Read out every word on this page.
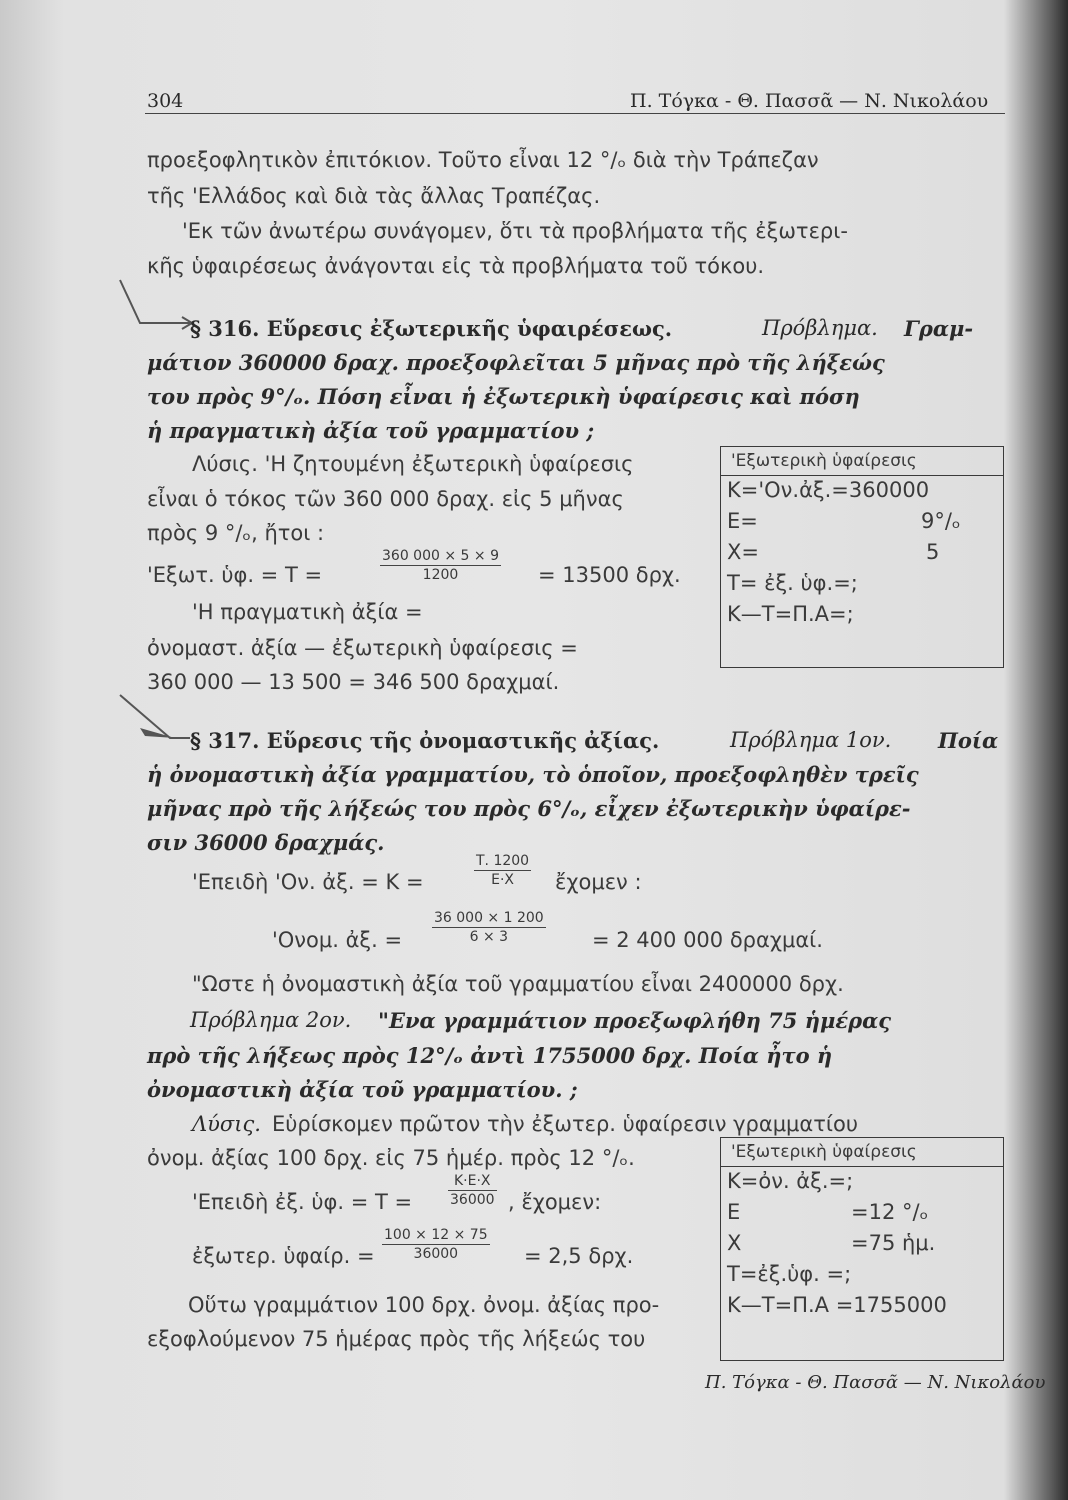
304	Π. Τόγκα - Θ. Πασσᾶ — Ν. Νικολάου
προεξοφλητικὸν ἐπιτόκιον. Τοῦτο εἶναι 12 °/ₒ διὰ τὴν Τράπεζαν
τῆς 'Ελλάδος καὶ διὰ τὰς ἄλλας Τραπέζας.
'Εκ τῶν ἀνωτέρω συνάγομεν, ὅτι τὰ προβλήματα τῆς ἐξωτερι-
κῆς ὑφαιρέσεως ἀνάγονται εἰς τὰ προβλήματα τοῦ τόκου.
§ 316. Εὕρεσις ἐξωτερικῆς ὑφαιρέσεως.	Πρόβλημα. Γραμ-
μάτιον 360000 δραχ. προεξοφλεῖται 5 μῆνας πρὸ τῆς λήξεώς
του πρὸς 9°/ₒ. Πόση εἶναι ἡ ἐξωτερικὴ ὑφαίρεσις καὶ πόση
ἡ πραγματικὴ ἀξία τοῦ γραμματίου ;
Λύσις. 'Η ζητουμένη ἐξωτερικὴ ὑφαίρεσις
εἶναι ὁ τόκος τῶν 360 000 δραχ. εἰς 5 μῆνας
πρὸς 9 °/ₒ, ἤτοι :
'Εξωτ. ὑφ. = Τ =
360 000 × 5 × 9
1200	= 13500 δρχ.
'Η πραγματικὴ ἀξία =
ὀνομαστ. ἀξία — ἐξωτερικὴ ὑφαίρεσις =
360 000 — 13 500 = 346 500 δραχμαί.
'Εξωτερικὴ ὑφαίρεσις
Κ='Ον.ἀξ.=360000
Ε=	9°/ₒ
Χ=	5
Τ= ἐξ. ὑφ.=;
Κ—Τ=Π.Α=;
§ 317. Εὕρεσις τῆς ὀνομαστικῆς ἀξίας.	Πρόβλημα 1ον. Ποία
ἡ ὀνομαστικὴ ἀξία γραμματίου, τὸ ὁποῖον, προεξοφληθὲν τρεῖς
μῆνας πρὸ τῆς λήξεώς του πρὸς 6°/ₒ, εἶχεν ἐξωτερικὴν ὑφαίρε-
σιν 36000 δραχμάς.
'Επειδὴ 'Ον. ἀξ. = Κ =
Τ. 1200
Ε·Χ ἔχομεν :
'Ονομ. ἀξ. =
36 000 × 1 200
6 × 3	= 2 400 000 δραχμαί.
"Ωστε ἡ ὀνομαστικὴ ἀξία τοῦ γραμματίου εἶναι 2400000 δρχ.
Πρόβλημα 2ον. "Ενα γραμμάτιον προεξωφλήθη 75 ἡμέρας
πρὸ τῆς λήξεως πρὸς 12°/ₒ ἀντὶ 1755000 δρχ. Ποία ἦτο ἡ
ὀνομαστικὴ ἀξία τοῦ γραμματίου. ;
Λύσις. Εὑρίσκομεν πρῶτον τὴν ἐξωτερ. ὑφαίρεσιν γραμματίου
ὀνομ. ἀξίας 100 δρχ. εἰς 75 ἡμέρ. πρὸς 12 °/ₒ.
'Επειδὴ ἐξ. ὑφ. = Τ =
Κ·Ε·Χ
36000 , ἔχομεν:
ἐξωτερ. ὑφαίρ. =
100 × 12 × 75
36000	= 2,5 δρχ.
Οὕτω γραμμάτιον 100 δρχ. ὀνομ. ἀξίας προ-
εξοφλούμενον 75 ἡμέρας πρὸς τῆς λήξεώς του
'Εξωτερικὴ ὑφαίρεσις
Κ=ὀν. ἀξ.=;
Ε	=12 °/ₒ
Χ	=75 ἡμ.
Τ=ἐξ.ὑφ. =;
Κ—Τ=Π.Α =1755000
Π. Τόγκα - Θ. Πασσᾶ — Ν. Νικολάου
